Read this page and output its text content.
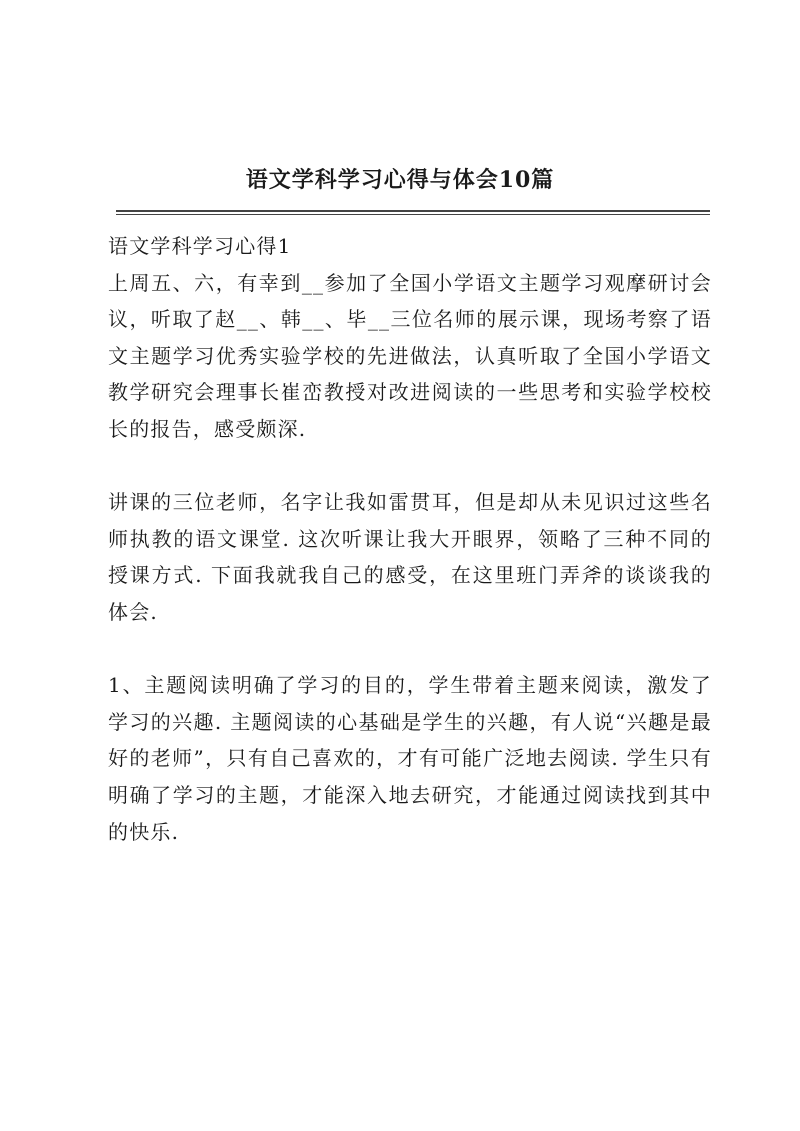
语文学科学习心得与体会10篇

语文学科学习心得1

上周五、六，有幸到__参加了全国小学语文主题学习观摩研讨会议，听取了赵__、韩__、毕__三位名师的展示课，现场考察了语文主题学习优秀实验学校的先进做法，认真听取了全国小学语文教学研究会理事长崔峦教授对改进阅读的一些思考和实验学校校长的报告，感受颇深.

讲课的三位老师，名字让我如雷贯耳，但是却从未见识过这些名师执教的语文课堂. 这次听课让我大开眼界，领略了三种不同的授课方式. 下面我就我自己的感受，在这里班门弄斧的谈谈我的体会.

1、主题阅读明确了学习的目的，学生带着主题来阅读，激发了学习的兴趣. 主题阅读的心基础是学生的兴趣，有人说“兴趣是最好的老师”，只有自己喜欢的，才有可能广泛地去阅读. 学生只有明确了学习的主题，才能深入地去研究，才能通过阅读找到其中的快乐.
